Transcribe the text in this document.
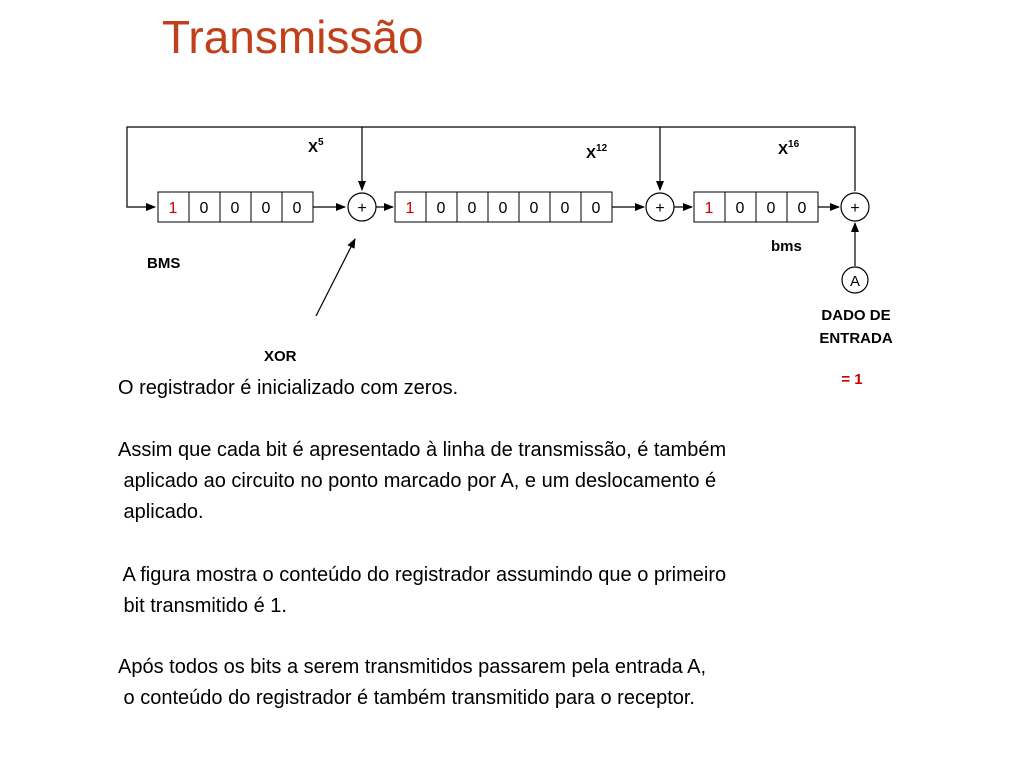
Transmissão
1 0 0 0 0	+ 1 0 0 0 0 0 0	+ 1 0 0 0	+
A
$X^5$
$X^{12}$	$X^{16}$
BMS
bms
XOR
DADO DE
ENTRADA
= 1
O registrador é inicializado com zeros.
Assim que cada bit é apresentado à linha de transmissão, é também
aplicado ao circuito no ponto marcado por A, e um deslocamento é
aplicado.
A figura mostra o conteúdo do registrador assumindo que o primeiro
bit transmitido é 1.
Após todos os bits a serem transmitidos passarem pela entrada A,
o conteúdo do registrador é também transmitido para o receptor.
